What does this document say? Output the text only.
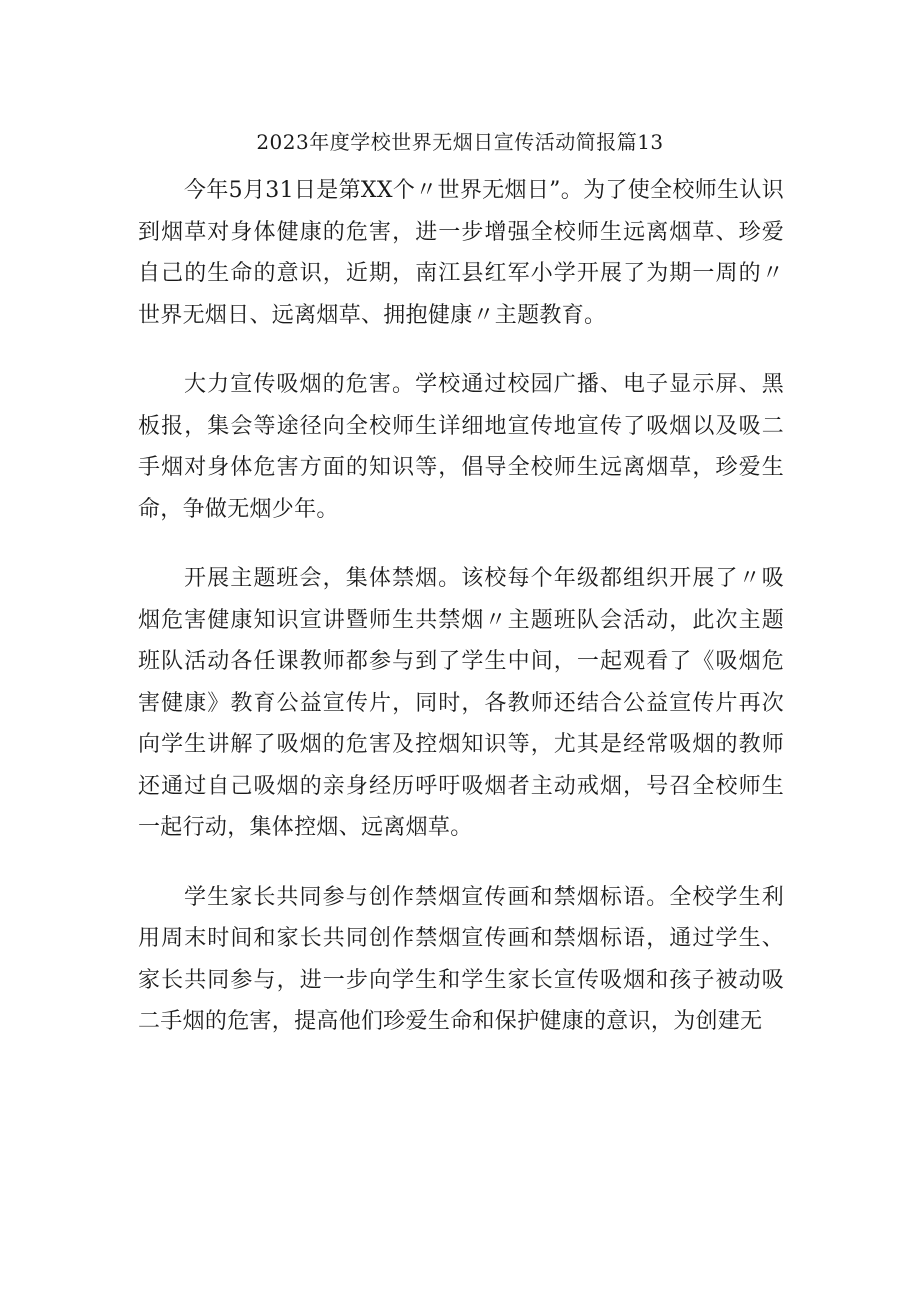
2023年度学校世界无烟日宣传活动简报篇13

今年5月31日是第XX个〃世界无烟日”。为了使全校师生认识到烟草对身体健康的危害，进一步增强全校师生远离烟草、珍爱自己的生命的意识，近期，南江县红军小学开展了为期一周的〃世界无烟日、远离烟草、拥抱健康〃主题教育。

大力宣传吸烟的危害。学校通过校园广播、电子显示屏、黑板报，集会等途径向全校师生详细地宣传地宣传了吸烟以及吸二手烟对身体危害方面的知识等，倡导全校师生远离烟草，珍爱生命，争做无烟少年。

开展主题班会，集体禁烟。该校每个年级都组织开展了〃吸烟危害健康知识宣讲暨师生共禁烟〃主题班队会活动，此次主题班队活动各任课教师都参与到了学生中间，一起观看了《吸烟危害健康》教育公益宣传片，同时，各教师还结合公益宣传片再次向学生讲解了吸烟的危害及控烟知识等，尤其是经常吸烟的教师还通过自己吸烟的亲身经历呼吁吸烟者主动戒烟，号召全校师生一起行动，集体控烟、远离烟草。

学生家长共同参与创作禁烟宣传画和禁烟标语。全校学生利用周末时间和家长共同创作禁烟宣传画和禁烟标语，通过学生、家长共同参与，进一步向学生和学生家长宣传吸烟和孩子被动吸二手烟的危害，提高他们珍爱生命和保护健康的意识，为创建无
